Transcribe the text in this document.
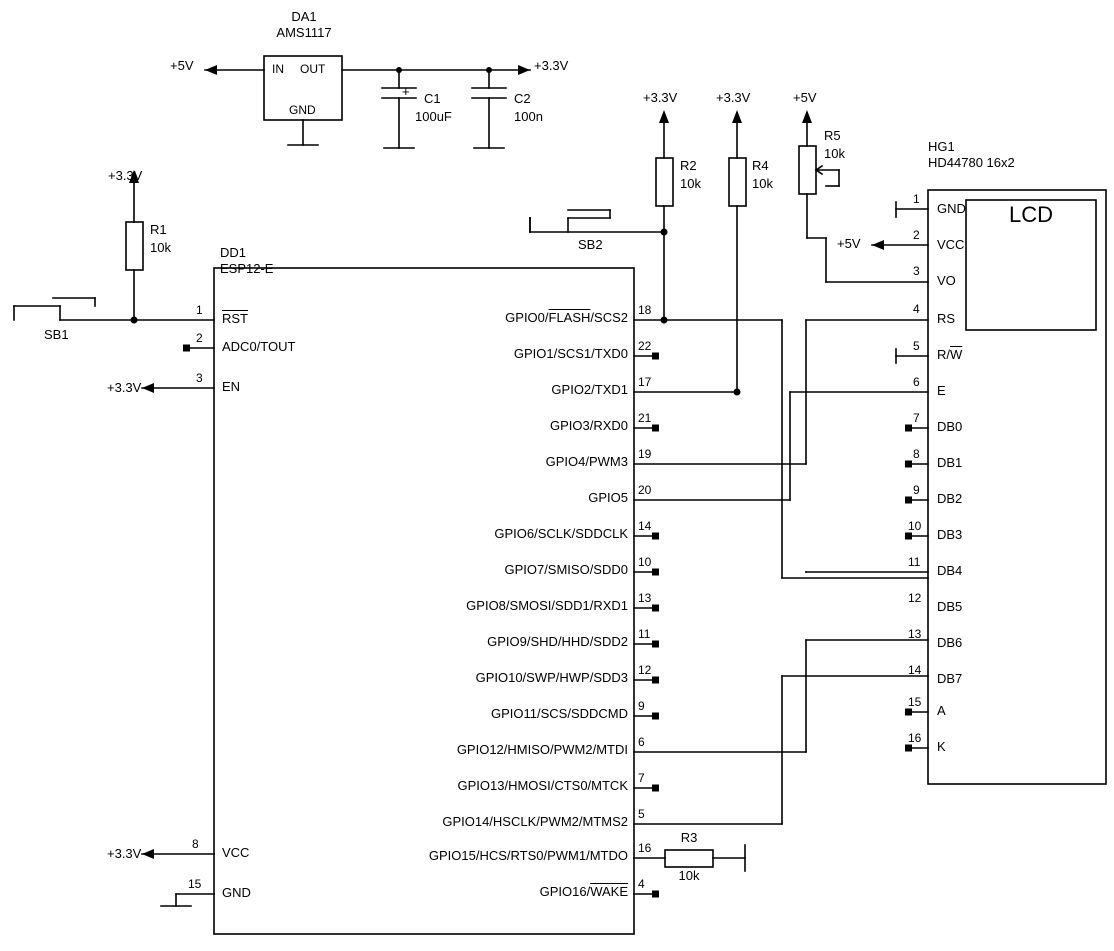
DA1
AMS1117
IN OUT
GND
+5V	+3.3V
+ C1
100uF
C2
100n
+3.3V
R1
10k
SB1
DD1
ESP12-E
1
2
3
8
15
$\overline{RST}$
ADC0/TOUT
EN
VCC
GND
+3.3V
+3.3V
GPIO0/FLASH/SCS2
GPIO1/SCS1/TXD0
GPIO2/TXD1
GPIO3/RXD0
GPIO4/PWM3
GPIO5
GPIO6/SCLK/SDDCLK
GPIO7/SMISO/SDD0
GPIO8/SMOSI/SDD1/RXD1
GPIO9/SHD/HHD/SDD2
GPIO10/SWP/HWP/SDD3
GPIO11/SCS/SDDCMD
GPIO12/HMISO/PWM2/MTDI
GPIO13/HMOSI/CTS0/MTCK
GPIO14/HSCLK/PWM2/MTMS2
GPIO15/HCS/RTS0/PWM1/MTDO
GPIO16/WAKE
18
22
17
21
19
20
14
10
13
11
12
9
6
7
5
16
4
+3.3V
R2
10k
+3.3V
R4
10k
+5V
R5
10k
SB2	+5V
R3
10k
HG1
HD44780 16x2
LCD
1
2
3
4
5
6
7
8
9
10
11
12
13
14
15
16
GND
VCC
VO
RS
$R/\overline{W}$
E
DB0
DB1
DB2
DB3
DB4
DB5
DB6
DB7
A
K
